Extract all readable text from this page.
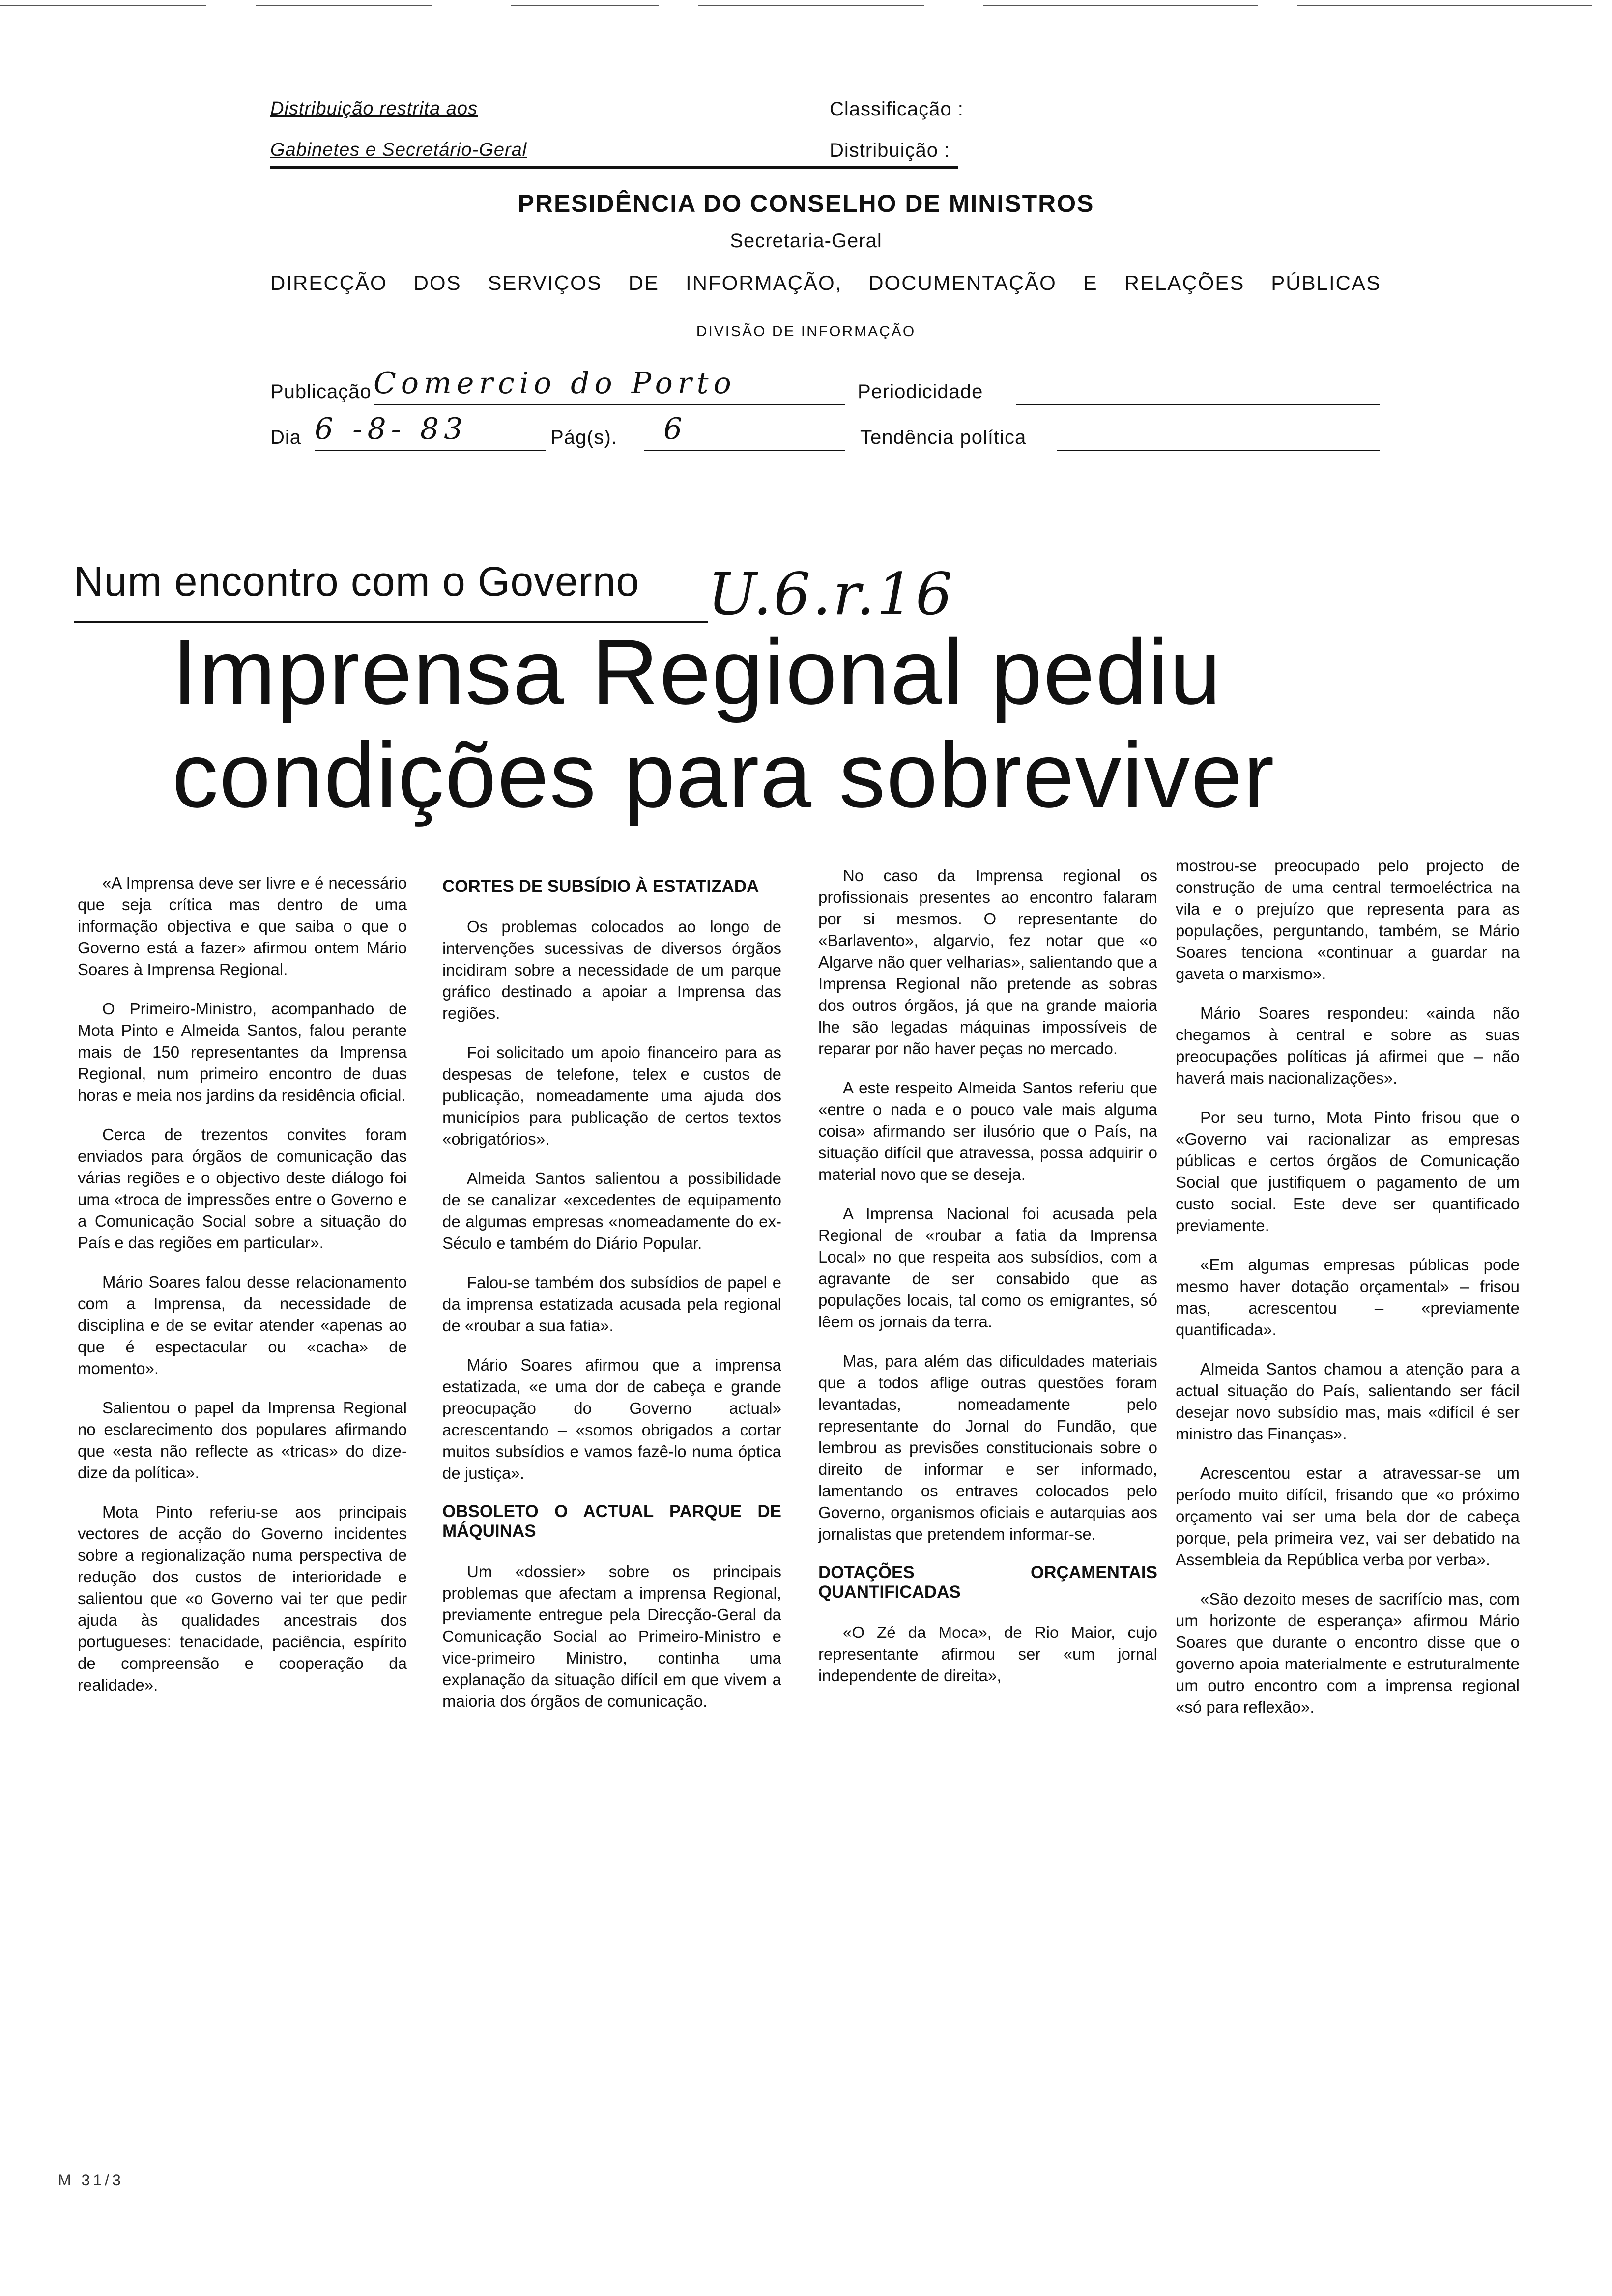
Distribuição restrita aos
Gabinetes e Secretário-Geral
Classificação :
Distribuição :
PRESIDÊNCIA DO CONSELHO DE MINISTROS
Secretaria-Geral
DIRECÇÃO DOS SERVIÇOS DE INFORMAÇÃO, DOCUMENTAÇÃO E RELAÇÕES PÚBLICAS
DIVISÃO DE INFORMAÇÃO
Publicação Comercio do Porto	Periodicidade
Dia 6 -8- 83	Pág(s). 6	Tendência política
Num encontro com o Governo U.6.r.16
Imprensa Regional pediu
condições para sobreviver

«A Imprensa deve ser livre e é necessário que seja crítica mas dentro de uma informação objectiva e que saiba o que o Governo está a fazer» afirmou ontem Mário Soares à Imprensa Regional.

O Primeiro-Ministro, acompanhado de Mota Pinto e Almeida Santos, falou perante mais de 150 representantes da Imprensa Regional, num primeiro encontro de duas horas e meia nos jardins da residência oficial.

Cerca de trezentos convites foram enviados para órgãos de comunicação das várias regiões e o objectivo deste diálogo foi uma «troca de impressões entre o Governo e a Comunicação Social sobre a situação do País e das regiões em particular».

Mário Soares falou desse relacionamento com a Imprensa, da necessidade de disciplina e de se evitar atender «apenas ao que é espectacular ou «cacha» de momento».

Salientou o papel da Imprensa Regional no esclarecimento dos populares afirmando que «esta não reflecte as «tricas» do dize-dize da política».

Mota Pinto referiu-se aos principais vectores de acção do Governo incidentes sobre a regionalização numa perspectiva de redução dos custos de interioridade e salientou que «o Governo vai ter que pedir ajuda às qualidades ancestrais dos portugueses: tenacidade, paciência, espírito de compreensão e cooperação da realidade».

CORTES DE SUBSÍDIO À ESTATIZADA

Os problemas colocados ao longo de intervenções sucessivas de diversos órgãos incidiram sobre a necessidade de um parque gráfico destinado a apoiar a Imprensa das regiões.

Foi solicitado um apoio financeiro para as despesas de telefone, telex e custos de publicação, nomeadamente uma ajuda dos municípios para publicação de certos textos «obrigatórios».

Almeida Santos salientou a possibilidade de se canalizar «excedentes de equipamento de algumas empresas «nomeadamente do ex-Século e também do Diário Popular.

Falou-se também dos subsídios de papel e da imprensa estatizada acusada pela regional de «roubar a sua fatia».

Mário Soares afirmou que a imprensa estatizada, «e uma dor de cabeça e grande preocupação do Governo actual» acrescentando – «somos obrigados a cortar muitos subsídios e vamos fazê-lo numa óptica de justiça».

OBSOLETO O ACTUAL PARQUE DE MÁQUINAS

Um «dossier» sobre os principais problemas que afectam a imprensa Regional, previamente entregue pela Direcção-Geral da Comunicação Social ao Primeiro-Ministro e vice-primeiro Ministro, continha uma explanação da situação difícil em que vivem a maioria dos órgãos de comunicação.

No caso da Imprensa regional os profissionais presentes ao encontro falaram por si mesmos. O representante do «Barlavento», algarvio, fez notar que «o Algarve não quer velharias», salientando que a Imprensa Regional não pretende as sobras dos outros órgãos, já que na grande maioria lhe são legadas máquinas impossíveis de reparar por não haver peças no mercado.

A este respeito Almeida Santos referiu que «entre o nada e o pouco vale mais alguma coisa» afirmando ser ilusório que o País, na situação difícil que atravessa, possa adquirir o material novo que se deseja.

A Imprensa Nacional foi acusada pela Regional de «roubar a fatia da Imprensa Local» no que respeita aos subsídios, com a agravante de ser consabido que as populações locais, tal como os emigrantes, só lêem os jornais da terra.

Mas, para além das dificuldades materiais que a todos aflige outras questões foram levantadas, nomeadamente pelo representante do Jornal do Fundão, que lembrou as previsões constitucionais sobre o direito de informar e ser informado, lamentando os entraves colocados pelo Governo, organismos oficiais e autarquias aos jornalistas que pretendem informar-se.

DOTAÇÕES ORÇAMENTAIS QUANTIFICADAS

«O Zé da Moca», de Rio Maior, cujo representante afirmou ser «um jornal independente de direita»,

mostrou-se preocupado pelo projecto de construção de uma central termoeléctrica na vila e o prejuízo que representa para as populações, perguntando, também, se Mário Soares tenciona «continuar a guardar na gaveta o marxismo».

Mário Soares respondeu: «ainda não chegamos à central e sobre as suas preocupações políticas já afirmei que – não haverá mais nacionalizações».

Por seu turno, Mota Pinto frisou que o «Governo vai racionalizar as empresas públicas e certos órgãos de Comunicação Social que justifiquem o pagamento de um custo social. Este deve ser quantificado previamente.

«Em algumas empresas públicas pode mesmo haver dotação orçamental» – frisou mas, acrescentou – «previamente quantificada».

Almeida Santos chamou a atenção para a actual situação do País, salientando ser fácil desejar novo subsídio mas, mais «difícil é ser ministro das Finanças».

Acrescentou estar a atravessar-se um período muito difícil, frisando que «o próximo orçamento vai ser uma bela dor de cabeça porque, pela primeira vez, vai ser debatido na Assembleia da República verba por verba».

«São dezoito meses de sacrifício mas, com um horizonte de esperança» afirmou Mário Soares que durante o encontro disse que o governo apoia materialmente e estruturalmente um outro encontro com a imprensa regional «só para reflexão».

M 31/3
